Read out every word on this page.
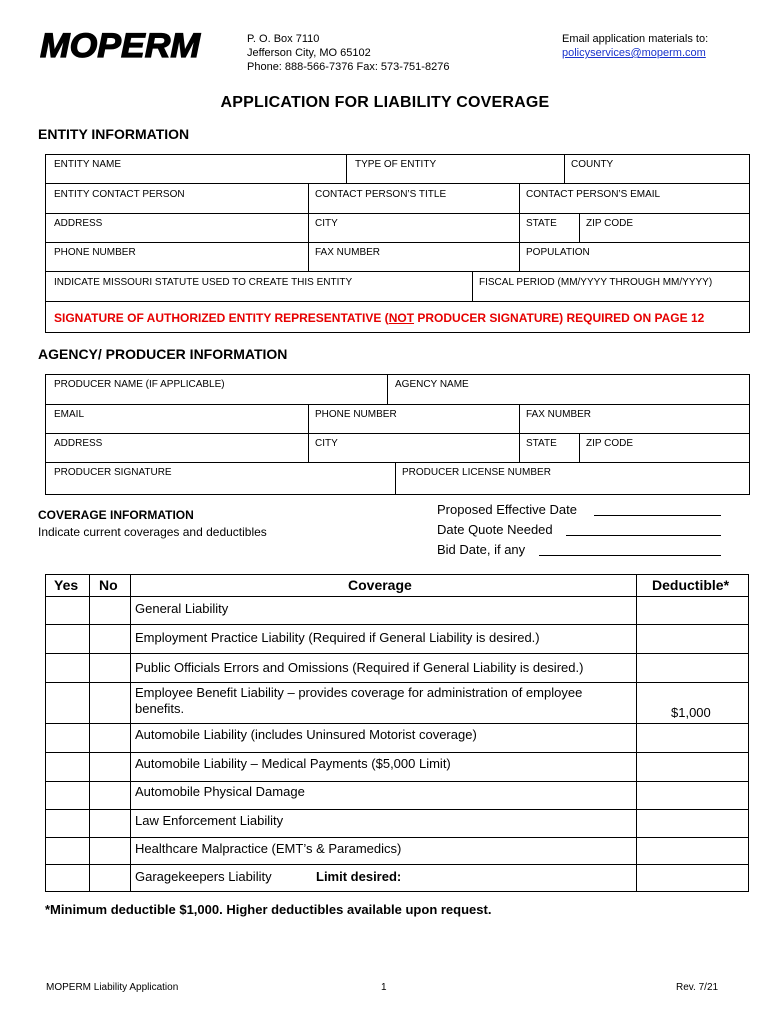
MOPERM	P. O. Box 7110
Jefferson City, MO 65102
Phone: 888-566-7376 Fax: 573-751-8276
Email application materials to:
policyservices@moperm.com
APPLICATION FOR LIABILITY COVERAGE
ENTITY INFORMATION
ENTITY NAME	TYPE OF ENTITY	COUNTY
ENTITY CONTACT PERSON	CONTACT PERSON’S TITLE	CONTACT PERSON’S EMAIL
ADDRESS	CITY	STATE	ZIP CODE
PHONE NUMBER	FAX NUMBER	POPULATION
INDICATE MISSOURI STATUTE USED TO CREATE THIS ENTITY	FISCAL PERIOD (MM/YYYY THROUGH MM/YYYY)
SIGNATURE OF AUTHORIZED ENTITY REPRESENTATIVE (NOT PRODUCER SIGNATURE) REQUIRED ON PAGE 12
AGENCY/ PRODUCER INFORMATION
PRODUCER NAME (IF APPLICABLE)	AGENCY NAME
EMAIL	PHONE NUMBER	FAX NUMBER
ADDRESS	CITY	STATE	ZIP CODE
PRODUCER SIGNATURE	PRODUCER LICENSE NUMBER
COVERAGE INFORMATION
Indicate current coverages and deductibles
Proposed Effective Date
Date Quote Needed
Bid Date, if any
Yes No	Coverage	Deductible*
General Liability
Employment Practice Liability (Required if General Liability is desired.)
Public Officials Errors and Omissions (Required if General Liability is desired.)
Employee Benefit Liability – provides coverage for administration of employee
benefits.	$1,000
Automobile Liability (includes Uninsured Motorist coverage)
Automobile Liability – Medical Payments ($5,000 Limit)
Automobile Physical Damage
Law Enforcement Liability
Healthcare Malpractice (EMT’s & Paramedics)
Garagekeepers Liability	Limit desired:
*Minimum deductible $1,000. Higher deductibles available upon request.
MOPERM Liability Application	1	Rev. 7/21
